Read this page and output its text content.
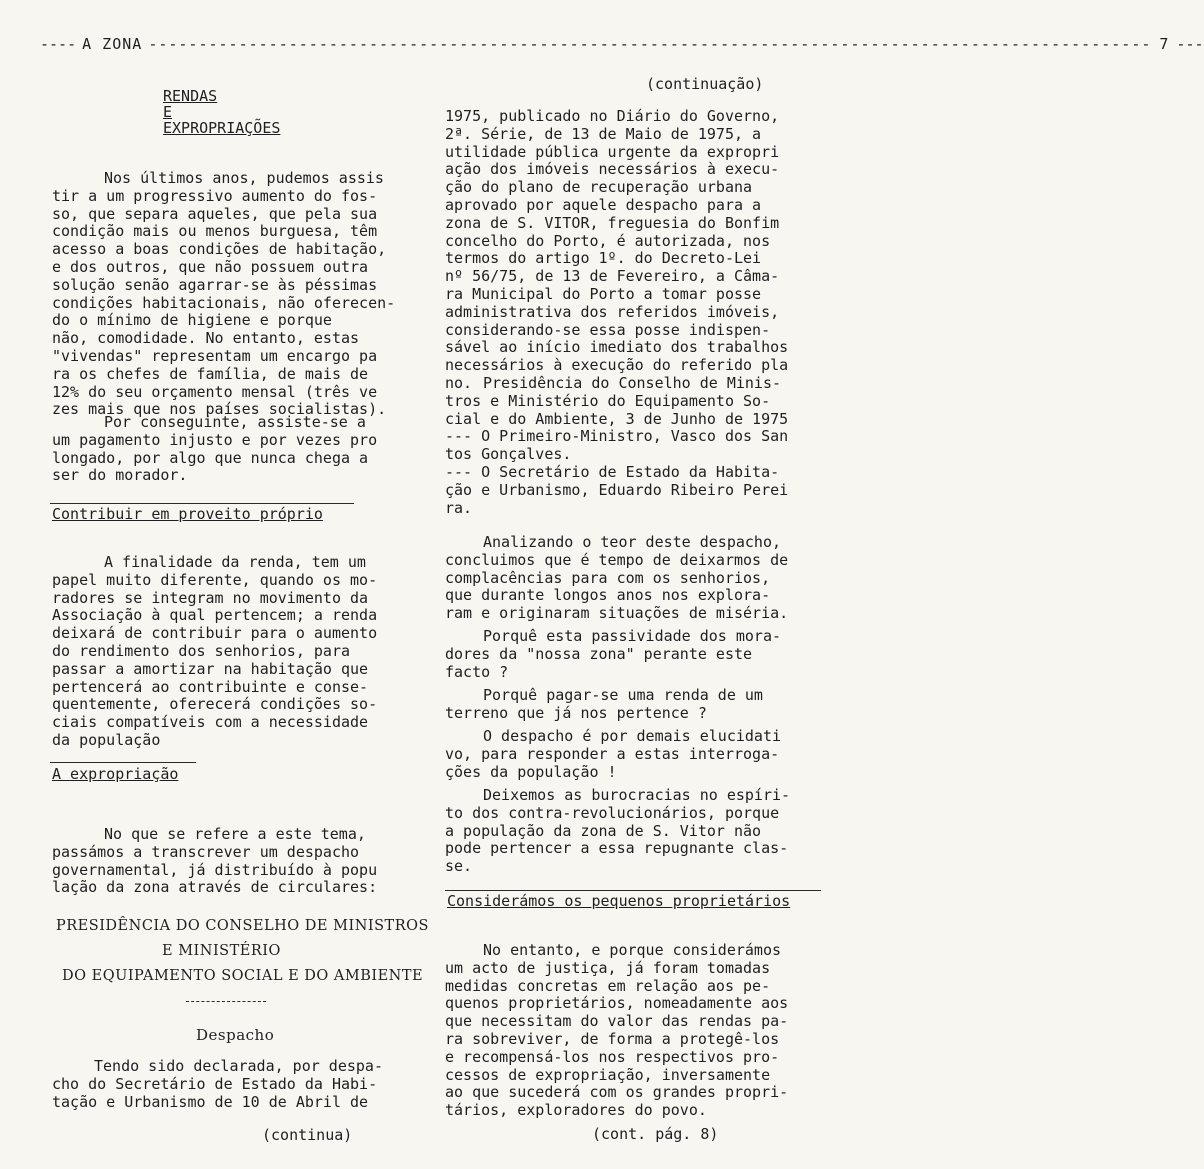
---- A ZONA ---------------------------------------------------------------------------------------------------- 7 ---
RENDAS
E
EXPROPRIAÇÕES

Nos últimos anos, pudemos assis

tir a um progressivo aumento do fos-

so, que separa aqueles, que pela sua

condição mais ou menos burguesa, têm

acesso a boas condições de habitação,

e dos outros, que não possuem outra

solução senão agarrar-se às péssimas

condições habitacionais, não oferecen-

do o mínimo de higiene e porque

não, comodidade. No entanto, estas

"vivendas" representam um encargo pa

ra os chefes de família, de mais de

12% do seu orçamento mensal (três ve

zes mais que nos países socialistas).

Por conseguinte, assiste-se a

um pagamento injusto e por vezes pro

longado, por algo que nunca chega a

ser do morador.

Contribuir em proveito próprio

A finalidade da renda, tem um

papel muito diferente, quando os mo-

radores se integram no movimento da

Associação à qual pertencem; a renda

deixará de contribuir para o aumento

do rendimento dos senhorios, para

passar a amortizar na habitação que

pertencerá ao contribuinte e conse-

quentemente, oferecerá condições so-

ciais compatíveis com a necessidade

da população

A expropriação

No que se refere a este tema,

passámos a transcrever um despacho

governamental, já distribuído à popu

lação da zona através de circulares:

PRESIDÊNCIA DO CONSELHO DE MINISTROS
E MINISTÉRIO
DO EQUIPAMENTO SOCIAL E DO AMBIENTE
Despacho

Tendo sido declarada, por despa-

cho do Secretário de Estado da Habi-

tação e Urbanismo de 10 de Abril de

(continua)
(continuação)

1975, publicado no Diário do Governo,

2ª. Série, de 13 de Maio de 1975, a

utilidade pública urgente da expropri

ação dos imóveis necessários à execu-

ção do plano de recuperação urbana

aprovado por aquele despacho para a

zona de S. VITOR, freguesia do Bonfim

concelho do Porto, é autorizada, nos

termos do artigo 1º. do Decreto-Lei

nº 56/75, de 13 de Fevereiro, a Câma-

ra Municipal do Porto a tomar posse

administrativa dos referidos imóveis,

considerando-se essa posse indispen-

sável ao início imediato dos trabalhos

necessários à execução do referido pla

no. Presidência do Conselho de Minis-

tros e Ministério do Equipamento So-

cial e do Ambiente, 3 de Junho de 1975

--- O Primeiro-Ministro, Vasco dos San

tos Gonçalves.

--- O Secretário de Estado da Habita-

ção e Urbanismo, Eduardo Ribeiro Perei

ra.

Analizando o teor deste despacho,

concluimos que é tempo de deixarmos de

complacências para com os senhorios,

que durante longos anos nos explora-

ram e originaram situações de miséria.

Porquê esta passividade dos mora-

dores da "nossa zona" perante este

facto ?

Porquê pagar-se uma renda de um

terreno que já nos pertence ?

O despacho é por demais elucidati

vo, para responder a estas interroga-

ções da população !

Deixemos as burocracias no espíri-

to dos contra-revolucionários, porque

a população da zona de S. Vitor não

pode pertencer a essa repugnante clas-

se.

Considerámos os pequenos proprietários

No entanto, e porque considerámos

um acto de justiça, já foram tomadas

medidas concretas em relação aos pe-

quenos proprietários, nomeadamente aos

que necessitam do valor das rendas pa-

ra sobreviver, de forma a protegê-los

e recompensá-los nos respectivos pro-

cessos de expropriação, inversamente

ao que sucederá com os grandes propri-

tários, exploradores do povo.

(cont. pág. 8)
